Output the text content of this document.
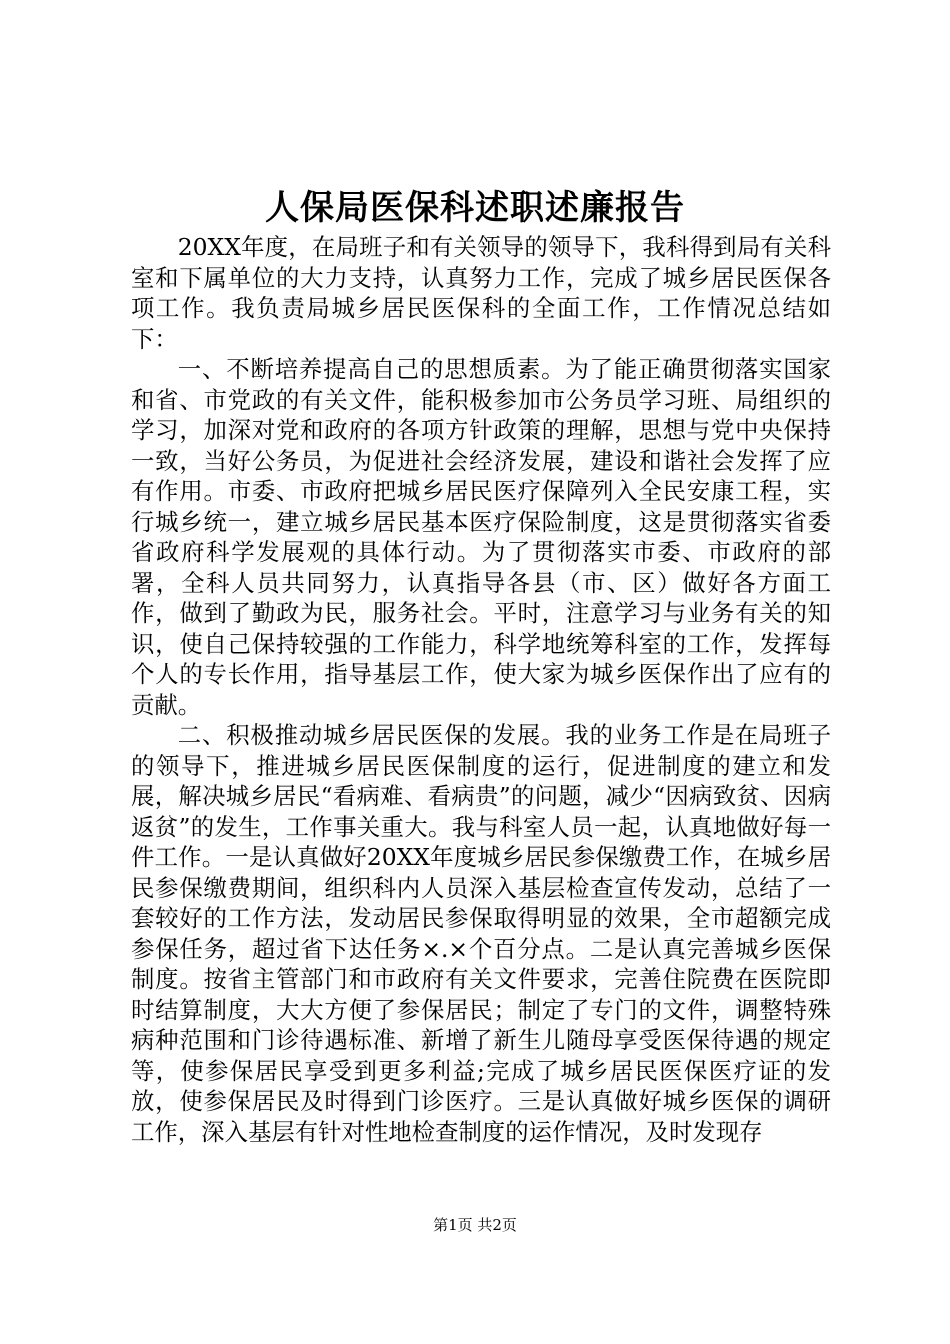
人保局医保科述职述廉报告

20XX年度，在局班子和有关领导的领导下，我科得到局有关科室和下属单位的大力支持，认真努力工作，完成了城乡居民医保各项工作。我负责局城乡居民医保科的全面工作，工作情况总结如下：

一、不断培养提高自己的思想质素。为了能正确贯彻落实国家和省、市党政的有关文件，能积极参加市公务员学习班、局组织的学习，加深对党和政府的各项方针政策的理解，思想与党中央保持一致，当好公务员，为促进社会经济发展，建设和谐社会发挥了应有作用。市委、市政府把城乡居民医疗保障列入全民安康工程，实行城乡统一，建立城乡居民基本医疗保险制度，这是贯彻落实省委省政府科学发展观的具体行动。为了贯彻落实市委、市政府的部署，全科人员共同努力，认真指导各县（市、区）做好各方面工作，做到了勤政为民，服务社会。平时，注意学习与业务有关的知识，使自己保持较强的工作能力，科学地统筹科室的工作，发挥每个人的专长作用，指导基层工作，使大家为城乡医保作出了应有的贡献。

二、积极推动城乡居民医保的发展。我的业务工作是在局班子的领导下，推进城乡居民医保制度的运行，促进制度的建立和发展，解决城乡居民“看病难、看病贵”的问题，减少“因病致贫、因病返贫”的发生，工作事关重大。我与科室人员一起，认真地做好每一件工作。一是认真做好20XX年度城乡居民参保缴费工作，在城乡居民参保缴费期间，组织科内人员深入基层检查宣传发动，总结了一套较好的工作方法，发动居民参保取得明显的效果，全市超额完成参保任务，超过省下达任务×.×个百分点。二是认真完善城乡医保制度。按省主管部门和市政府有关文件要求，完善住院费在医院即时结算制度，大大方便了参保居民；制定了专门的文件，调整特殊病种范围和门诊待遇标准、新增了新生儿随母享受医保待遇的规定等，使参保居民享受到更多利益;完成了城乡居民医保医疗证的发放，使参保居民及时得到门诊医疗。三是认真做好城乡医保的调研工作，深入基层有针对性地检查制度的运作情况，及时发现存

第1页 共2页
